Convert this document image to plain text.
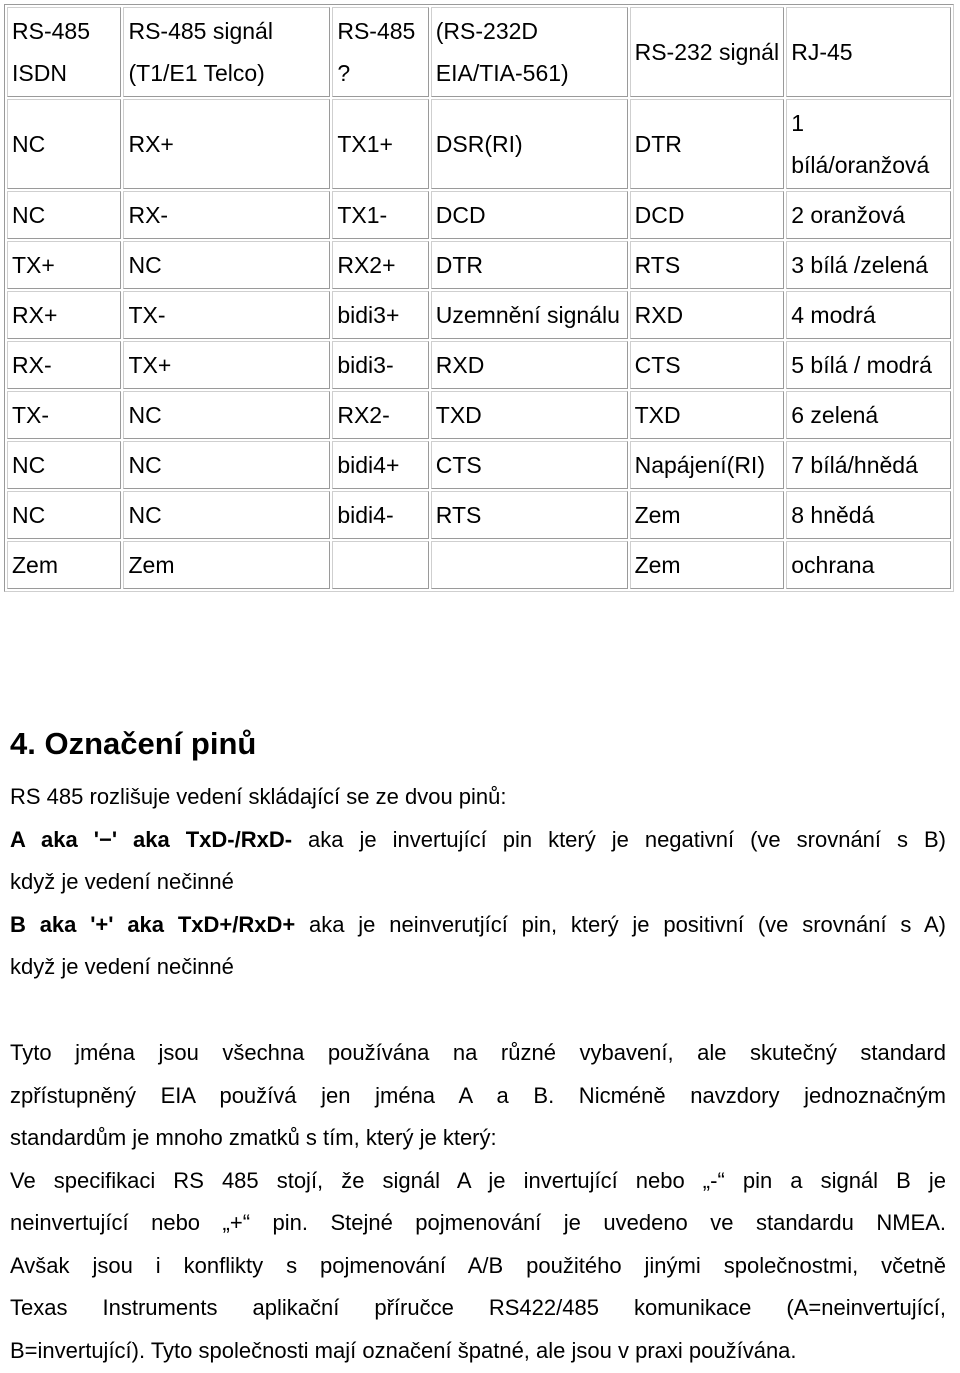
RS-485 ISDN	RS-485 signál (T1/E1 Telco)	RS-485 ?	(RS-232D EIA/TIA-561)	RS-232 signál	RJ-45
NC	RX+	TX1+	DSR(RI)	DTR	1 bílá/oranžová
NC	RX-	TX1-	DCD	DCD	2 oranžová
TX+	NC	RX2+	DTR	RTS	3 bílá /zelená
RX+	TX-	bidi3+	Uzemnění signálu	RXD	4 modrá
RX-	TX+	bidi3-	RXD	CTS	5 bílá / modrá
TX-	NC	RX2-	TXD	TXD	6 zelená
NC	NC	bidi4+	CTS	Napájení(RI)	7 bílá/hnědá
NC	NC	bidi4-	RTS	Zem	8 hnědá
Zem	Zem			Zem	ochrana
4. Označení pinů

RS 485 rozlišuje vedení skládající se ze dvou pinů:

A aka '−' aka TxD-/RxD- aka je invertující pin který je negativní (ve srovnání s B)

když je vedení nečinné

B aka '+' aka TxD+/RxD+ aka je neinverutjící pin, který je positivní (ve srovnání s A)

když je vedení nečinné

Tyto jména jsou všechna používána na různé vybavení, ale skutečný standard

zpřístupněný EIA používá jen jména A a B. Nicméně navzdory jednoznačným

standardům je mnoho zmatků s tím, který je který:

Ve specifikaci RS 485 stojí, že signál A je invertující nebo „-“ pin a signál B je

neinvertující nebo „+“ pin. Stejné pojmenování je uvedeno ve standardu NMEA.

Avšak jsou i konflikty s pojmenování A/B použitého jinými společnostmi, včetně

Texas Instruments aplikační příručce RS422/485 komunikace (A=neinvertující,

B=invertující). Tyto společnosti mají označení špatné, ale jsou v praxi používána.
